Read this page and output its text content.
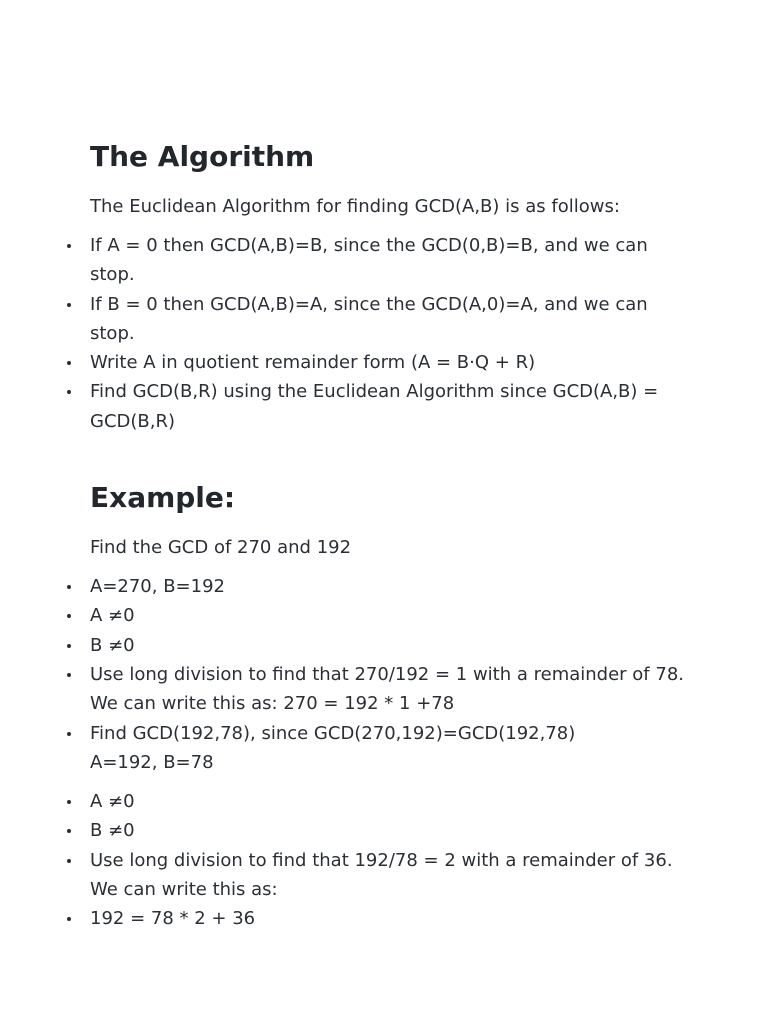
The Algorithm

The Euclidean Algorithm for finding GCD(A,B) is as follows:

If A = 0 then GCD(A,B)=B, since the GCD(0,B)=B, and we can stop.
If B = 0 then GCD(A,B)=A, since the GCD(A,0)=A, and we can stop.
Write A in quotient remainder form (A = B·Q + R)
Find GCD(B,R) using the Euclidean Algorithm since GCD(A,B) = GCD(B,R)
Example:

Find the GCD of 270 and 192

A=270, B=192
A ≠0
B ≠0
Use long division to find that 270/192 = 1 with a remainder of 78. We can write this as: 270 = 192 * 1 +78
Find GCD(192,78), since GCD(270,192)=GCD(192,78)
A=192, B=78
A ≠0
B ≠0
Use long division to find that 192/78 = 2 with a remainder of 36. We can write this as:
192 = 78 * 2 + 36
